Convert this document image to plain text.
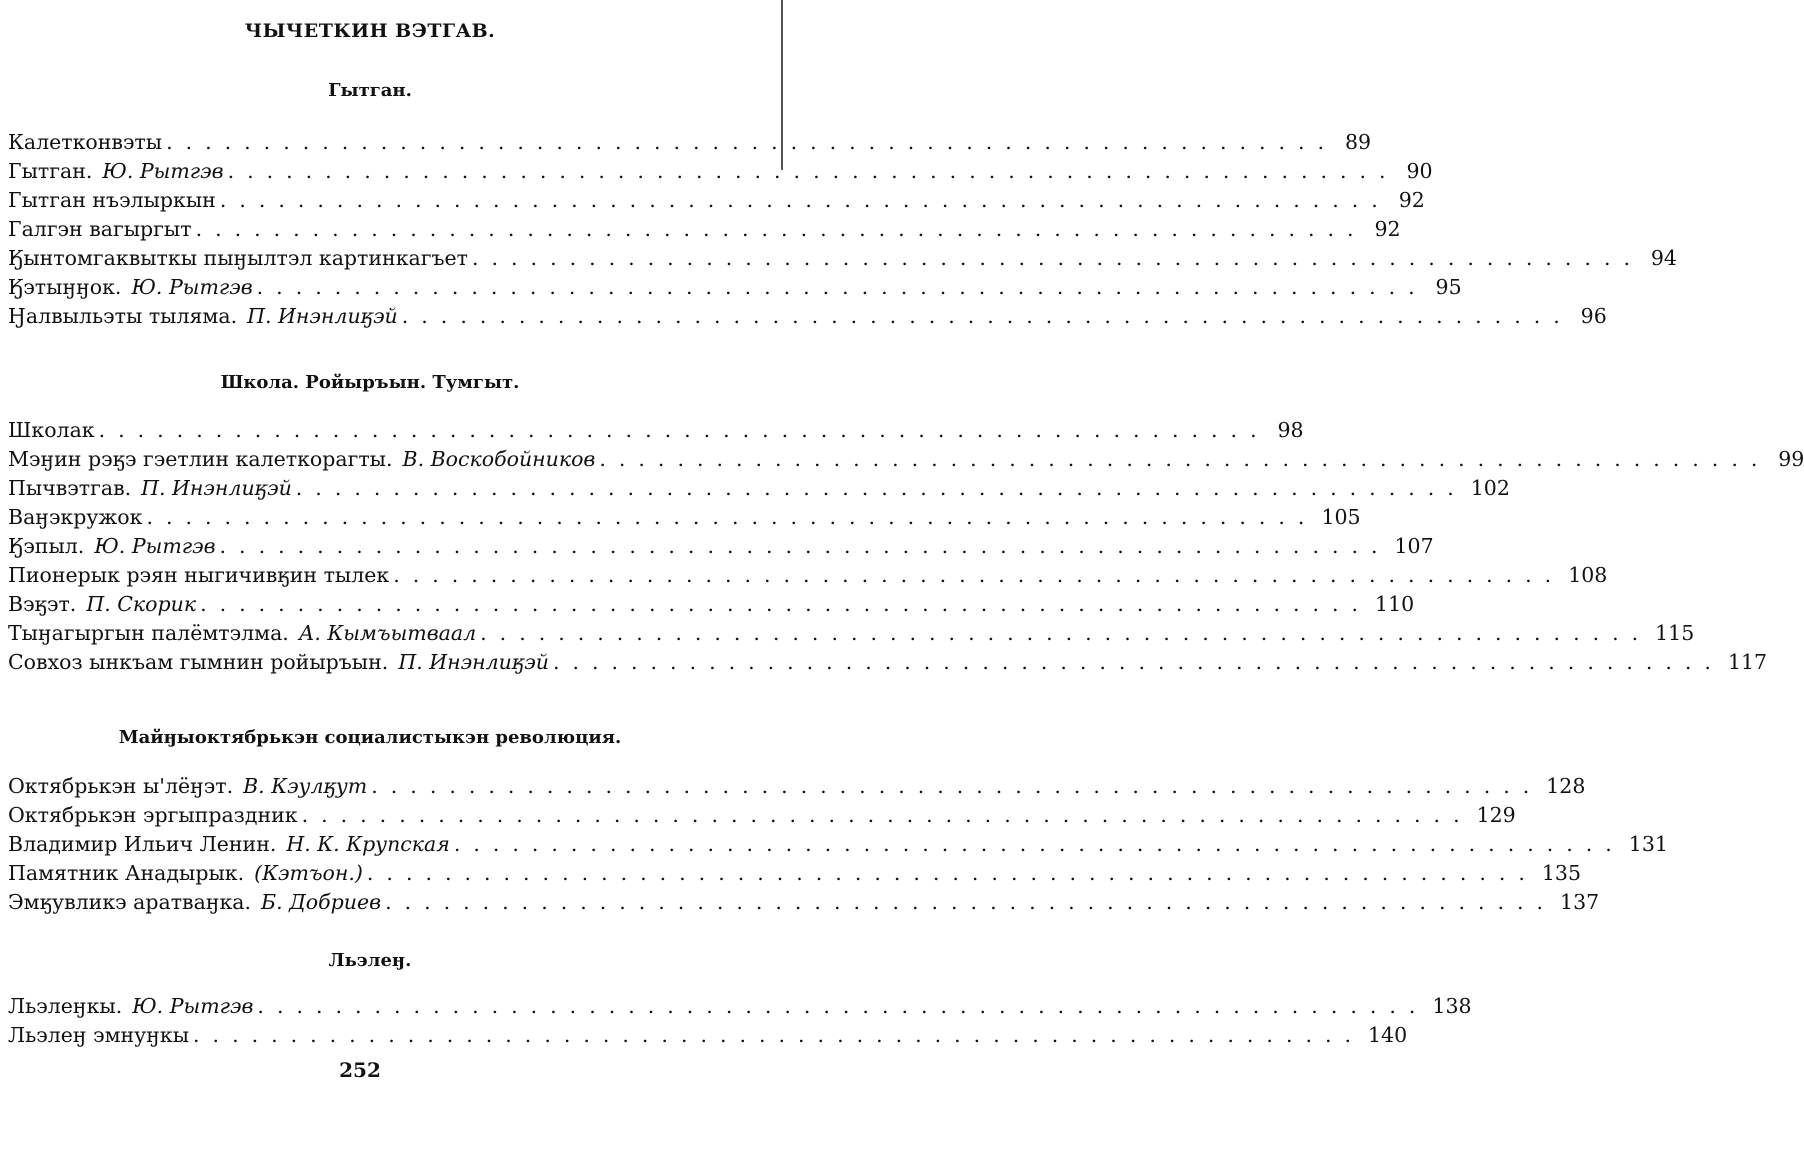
ЧЫЧЕТКИН ВЭТГАВ.
Гытган.
Калетконвэты ............................................................ 89
Гытган. Ю. Рытгэв ............................................................ 90
Гытган нъэлыркын ............................................................ 92
Галгэн вагыргыт ............................................................ 92
Ӄынтомгаквыткы пыӈылтэл картинкагъет ............................................................ 94
Ӄэтыӈӈок. Ю. Рытгэв ............................................................ 95
Ӈалвыльэты тыляма. П. Инэнлиӄэй ............................................................ 96
Школа. Ройыръын. Тумгыт.
Школак ............................................................ 98
Мэӈин рэӄэ гэетлин калеткорагты. В. Воскобойников ............................................................ 99
Пычвэтгав. П. Инэнлиӄэй ............................................................ 102
Ваӈэкружок ............................................................ 105
Ӄэпыл. Ю. Рытгэв ............................................................ 107
Пионерык рэян ныгичивӄин тылек ............................................................ 108
Вэӄэт. П. Скорик ............................................................ 110
Тыӈагыргын палёмтэлма. А. Кымъытваал ............................................................ 115
Совхоз ынкъам гымнин ройыръын. П. Инэнлиӄэй ............................................................ 117
Майӈыоктябрькэн социалистыкэн революция.
Октябрькэн ы'лёӈэт. В. Кэулӄут ............................................................ 128
Октябрькэн эргыпраздник ............................................................ 129
Владимир Ильич Ленин. Н. К. Крупская ............................................................ 131
Памятник Анадырык. (Кэтъон.) ............................................................ 135
Эмӄувликэ аратваӈка. Б. Добриев ............................................................ 137
Льэлеӈ.
Льэлеӈкы. Ю. Рытгэв ............................................................ 138
Льэлеӈ эмнуӈкы ............................................................ 140
252
